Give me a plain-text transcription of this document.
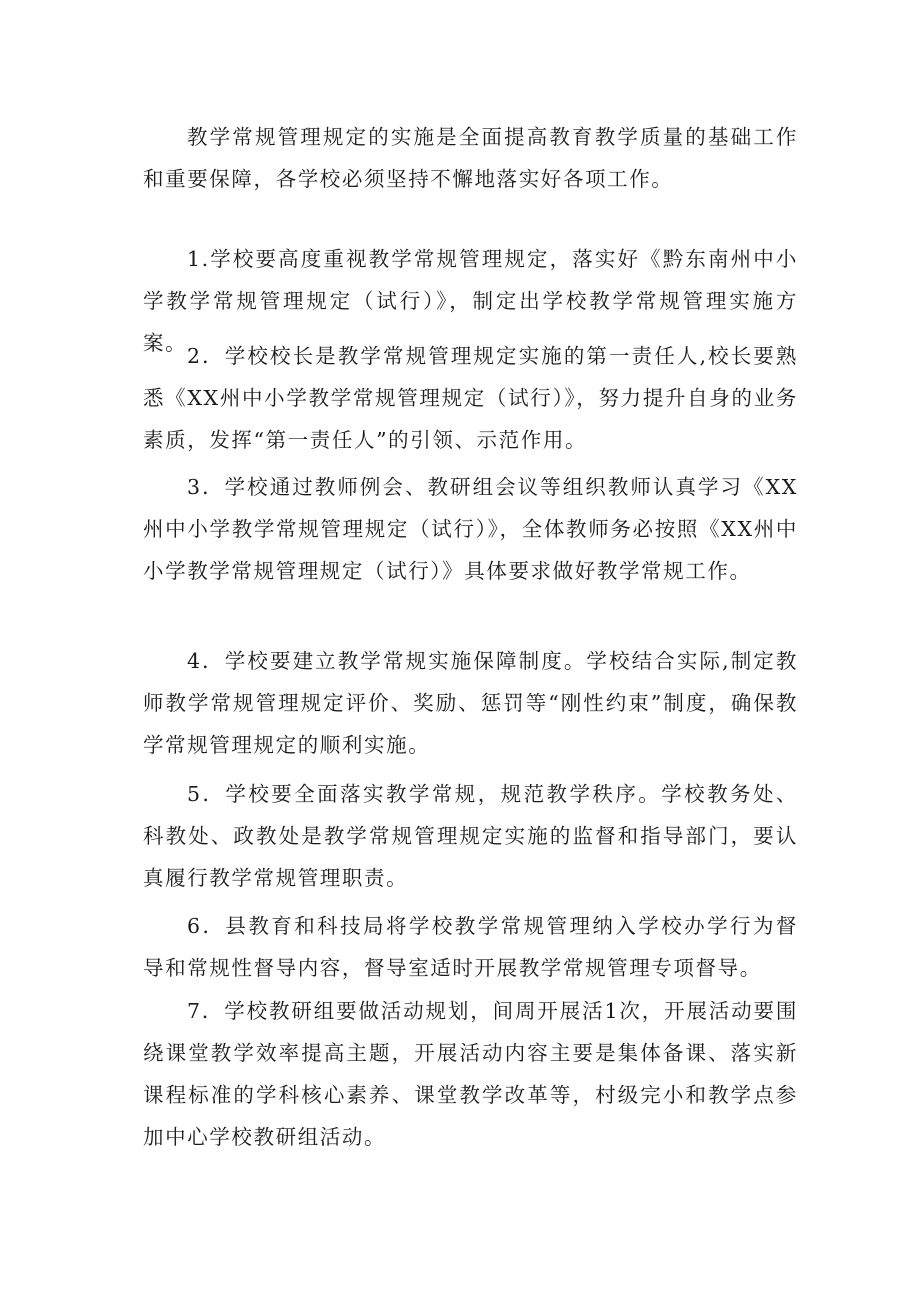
教学常规管理规定的实施是全面提高教育教学质量的基础工作和重要保障，各学校必须坚持不懈地落实好各项工作。

1.学校要高度重视教学常规管理规定，落实好《黔东南州中小学教学常规管理规定（试行）》，制定出学校教学常规管理实施方案。

2．学校校长是教学常规管理规定实施的第一责任人,校长要熟悉《XX州中小学教学常规管理规定（试行）》，努力提升自身的业务素质，发挥“第一责任人”的引领、示范作用。

3．学校通过教师例会、教研组会议等组织教师认真学习《XX州中小学教学常规管理规定（试行）》，全体教师务必按照《XX州中小学教学常规管理规定（试行）》具体要求做好教学常规工作。

4．学校要建立教学常规实施保障制度。学校结合实际,制定教师教学常规管理规定评价、奖励、惩罚等“刚性约束”制度，确保教学常规管理规定的顺利实施。

5．学校要全面落实教学常规，规范教学秩序。学校教务处、科教处、政教处是教学常规管理规定实施的监督和指导部门，要认真履行教学常规管理职责。

6．县教育和科技局将学校教学常规管理纳入学校办学行为督导和常规性督导内容，督导室适时开展教学常规管理专项督导。

7．学校教研组要做活动规划，间周开展活1次，开展活动要围绕课堂教学效率提高主题，开展活动内容主要是集体备课、落实新课程标准的学科核心素养、课堂教学改革等，村级完小和教学点参加中心学校教研组活动。
